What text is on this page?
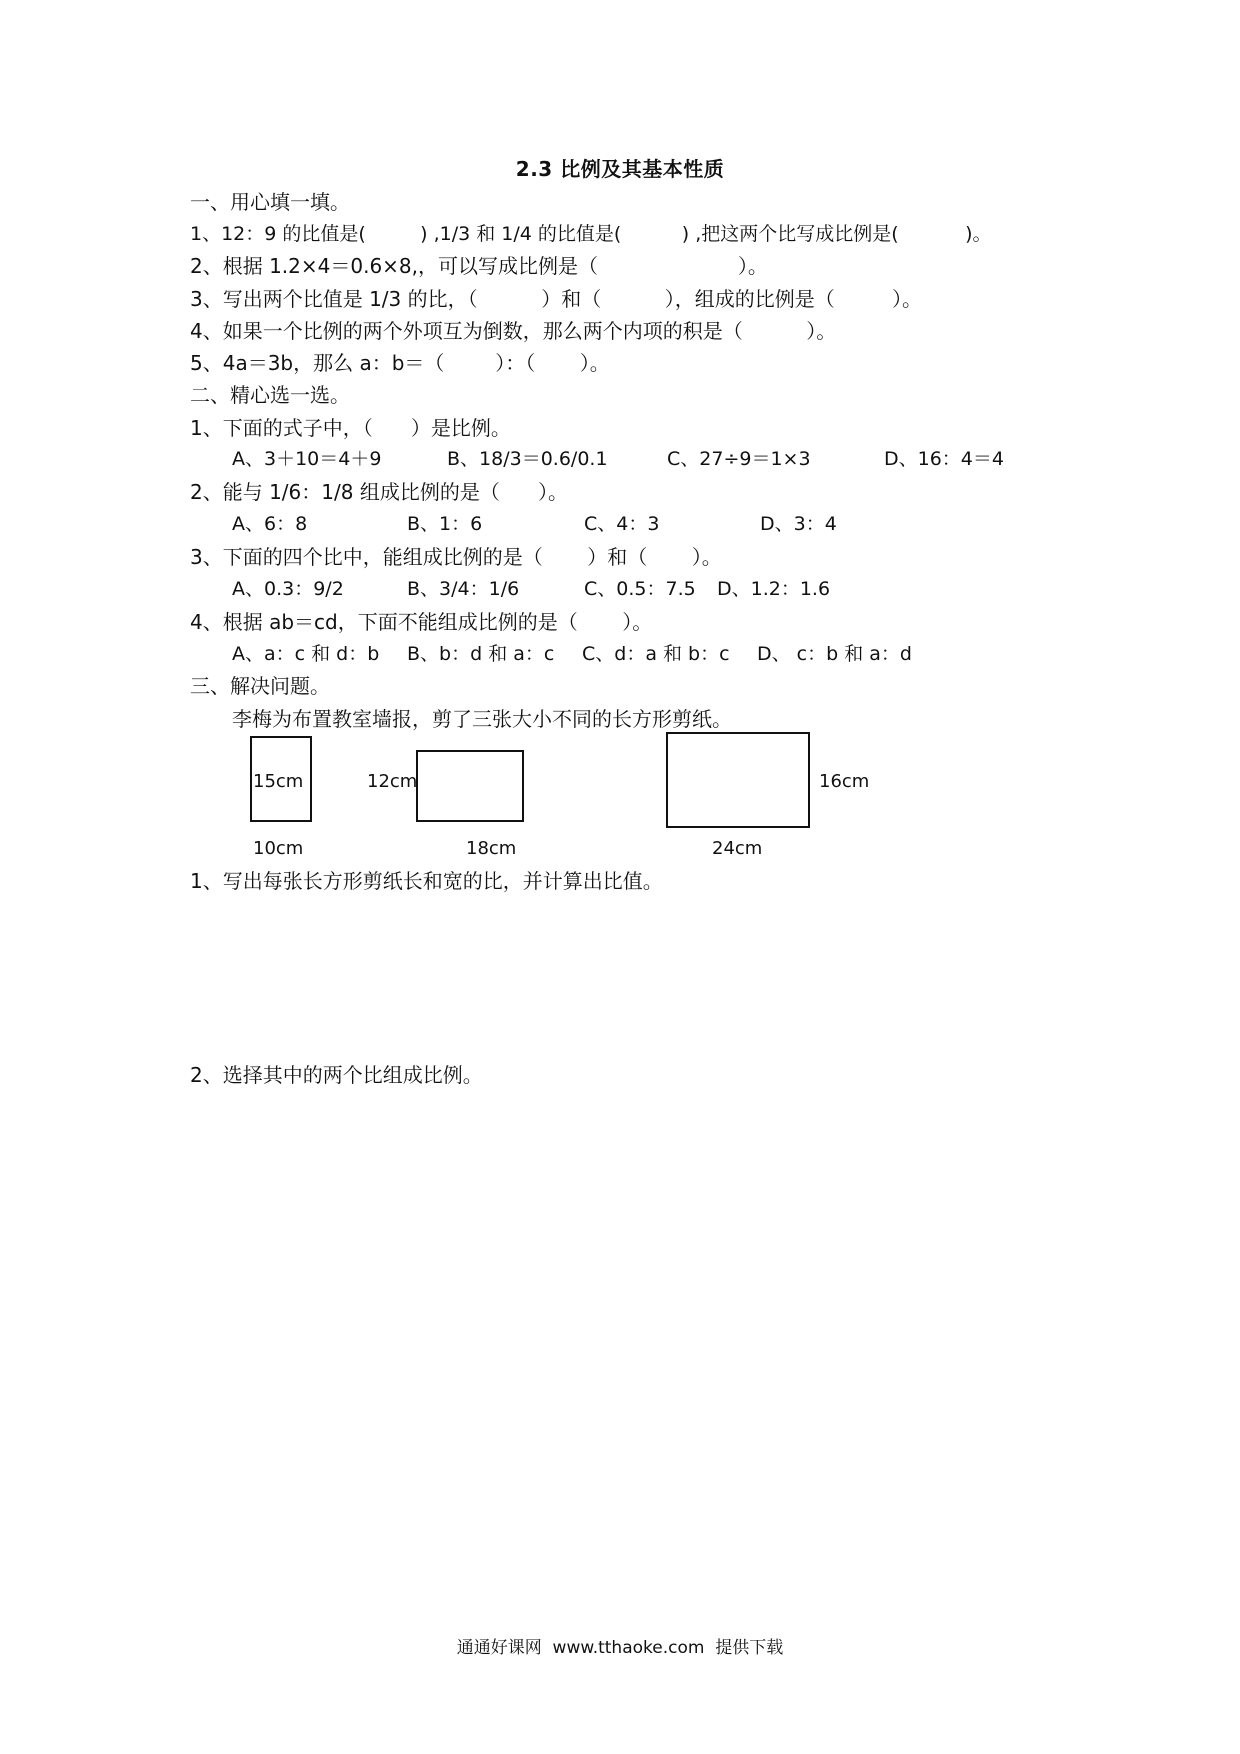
2.3 比例及其基本性质
一、用心填一填。
1、12：9 的比值是(         ) ,1/3 和 1/4 的比值是(          ) ,把这两个比写成比例是(           )。
2、根据 1.2×4＝0.6×8,，可以写成比例是（                      ）。
3、写出两个比值是 1/3 的比，（          ）和（          ），组成的比例是（         ）。
4、如果一个比例的两个外项互为倒数，那么两个内项的积是（          ）。
5、4a＝3b，那么 a：b＝（        ）：（       ）。
二、精心选一选。
1、下面的式子中，（      ）是比例。

A、3＋10＝4＋9

	B、18/3＝0.6/0.1

	C、27÷9＝1×3

	D、16：4＝4

2、能与 1/6：1/8 组成比例的是（      ）。

A、6：8

	B、1：6

	C、4：3

	D、3：4

3、下面的四个比中，能组成比例的是（       ）和（       ）。

A、0.3：9/2

	B、3/4：1/6

	C、0.5：7.5

D、1.2：1.6

4、根据 ab＝cd，下面不能组成比例的是（       ）。

A、a：c 和 d：b

B、b：d 和 a：c

C、d：a 和 b：c

D、 c：b 和 a：d

三、解决问题。
李梅为布置教室墙报，剪了三张大小不同的长方形剪纸。
15cm
10cm
12cm
18cm
16cm
24cm
1、写出每张长方形剪纸长和宽的比，并计算出比值。
2、选择其中的两个比组成比例。
通通好课网  www.tthaoke.com  提供下载
